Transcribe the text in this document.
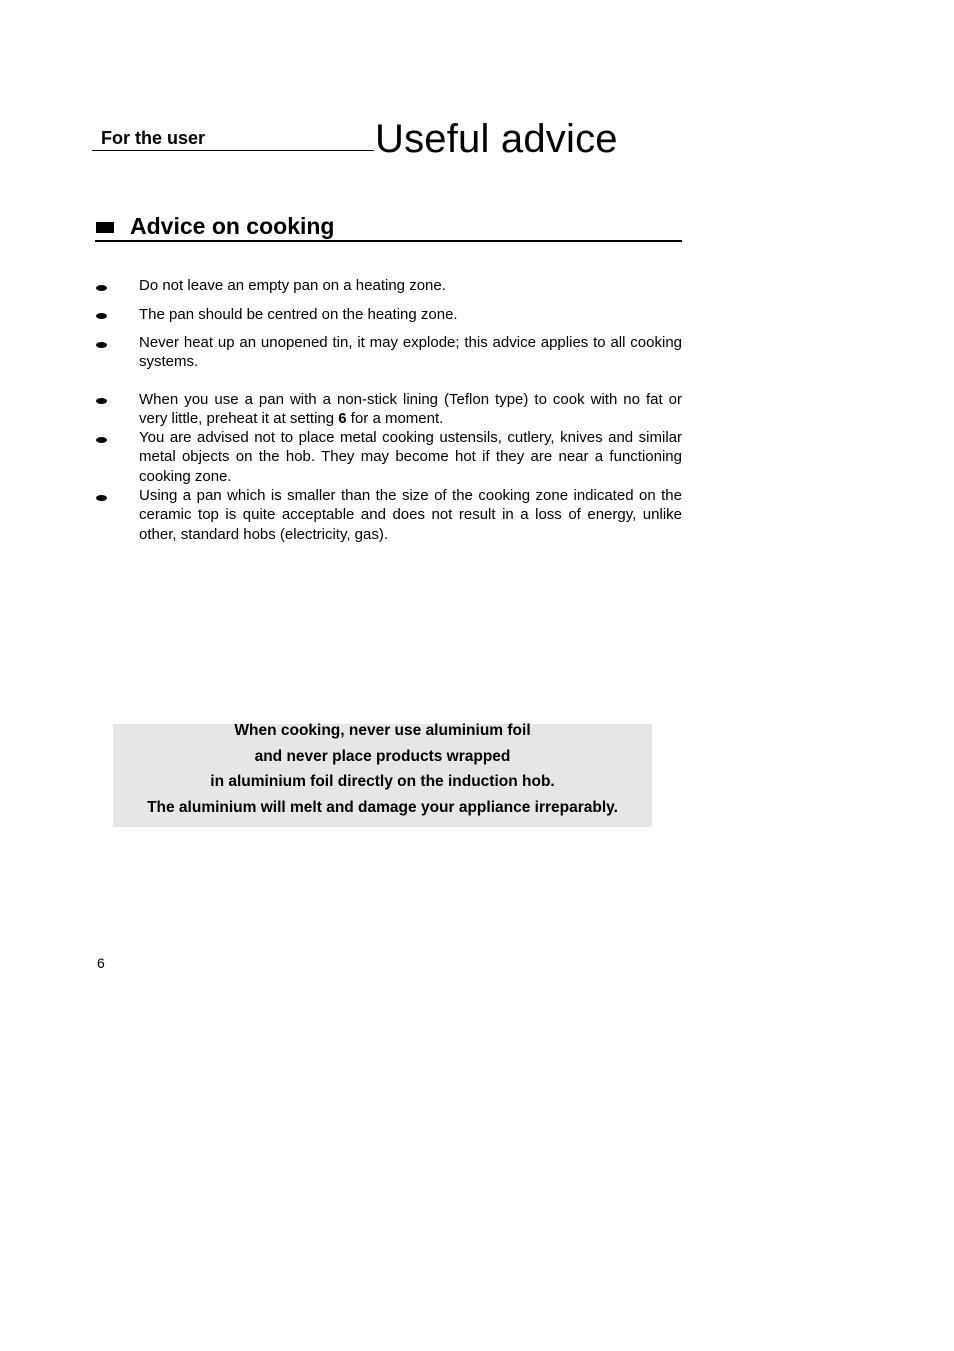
For the user	Useful advice
Advice on cooking
Do not leave an empty pan on a heating zone.
The pan should be centred on the heating zone.
Never heat up an unopened tin, it may explode; this advice applies to all cooking systems.
When you use a pan with a non-stick lining (Teflon type) to cook with no fat or very little, preheat it at setting 6 for a moment.
You are advised not to place metal cooking ustensils, cutlery, knives and similar metal objects on the hob. They may become hot if they are near a functioning cooking zone.
Using a pan which is smaller than the size of the cooking zone indicated on the ceramic top is quite acceptable and does not result in a loss of energy, unlike other, standard hobs (electricity, gas).
When cooking, never use aluminium foil
and never place products wrapped
in aluminium foil directly on the induction hob.
The aluminium will melt and damage your appliance irreparably.
6
